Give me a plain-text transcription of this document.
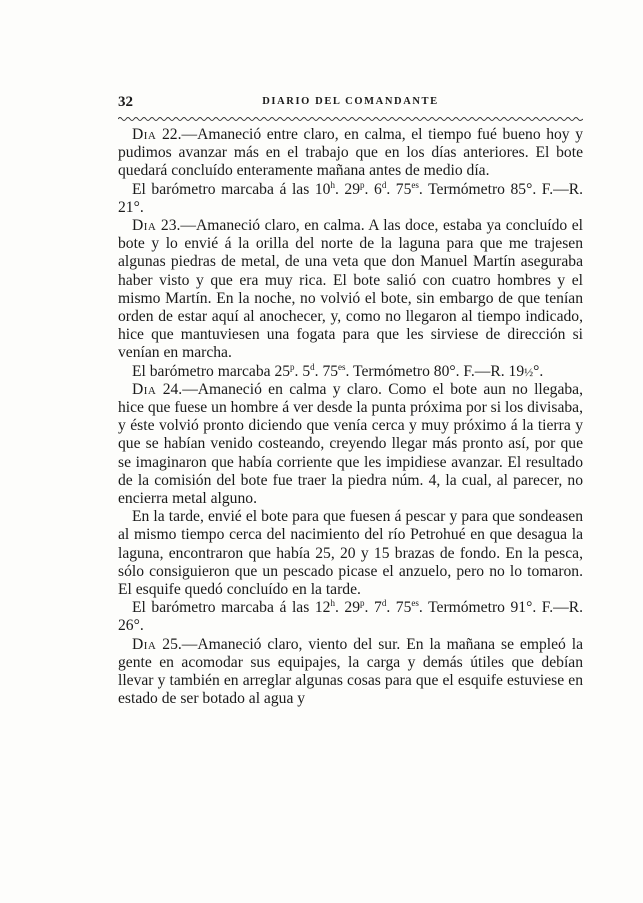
32	DIARIO DEL COMANDANTE

Dia 22.—Amaneció entre claro, en calma, el tiempo fué bueno hoy y pudimos avanzar más en el trabajo que en los días anteriores. El bote quedará concluído enteramente mañana antes de medio día.

El barómetro marcaba á las 10$^h$. 29$^p$. 6$^d$. $75^{es}$. Termómetro 85°. F.—R. 21°.

Dia 23.—Amaneció claro, en calma. A las doce, estaba ya concluído el bote y lo envié á la orilla del norte de la laguna para que me trajesen algunas piedras de metal, de una veta que don Manuel Martín aseguraba haber visto y que era muy rica. El bote salió con cuatro hombres y el mismo Martín. En la noche, no volvió el bote, sin embargo de que tenían orden de estar aquí al anochecer, y, como no llegaron al tiempo indicado, hice que mantuviesen una fogata para que les sirviese de dirección si venían en marcha.

El barómetro marcaba 25$^p$. 5$^d$. $75^{es}$. Termómetro 80°. F.—R. 19½°.

Dia 24.—Amaneció en calma y claro. Como el bote aun no llegaba, hice que fuese un hombre á ver desde la punta próxima por si los divisaba, y éste volvió pronto diciendo que venía cerca y muy próximo á la tierra y que se habían venido costeando, creyendo llegar más pronto así, por que se imaginaron que había corriente que les impidiese avanzar. El resultado de la comisión del bote fue traer la piedra núm. 4, la cual, al parecer, no encierra metal alguno.

En la tarde, envié el bote para que fuesen á pescar y para que sondeasen al mismo tiempo cerca del nacimiento del río Petrohué en que desagua la laguna, encontraron que había 25, 20 y 15 brazas de fondo. En la pesca, sólo consiguieron que un pescado picase el anzuelo, pero no lo tomaron. El esquife quedó concluído en la tarde.

El barómetro marcaba á las 12$^h$. 29$^p$. 7$^d$. $75^{es}$. Termómetro 91°. F.—R. 26°.

Dia 25.—Amaneció claro, viento del sur. En la mañana se empleó la gente en acomodar sus equipajes, la carga y demás útiles que debían llevar y también en arreglar algunas cosas para que el esquife estuviese en estado de ser botado al agua y
